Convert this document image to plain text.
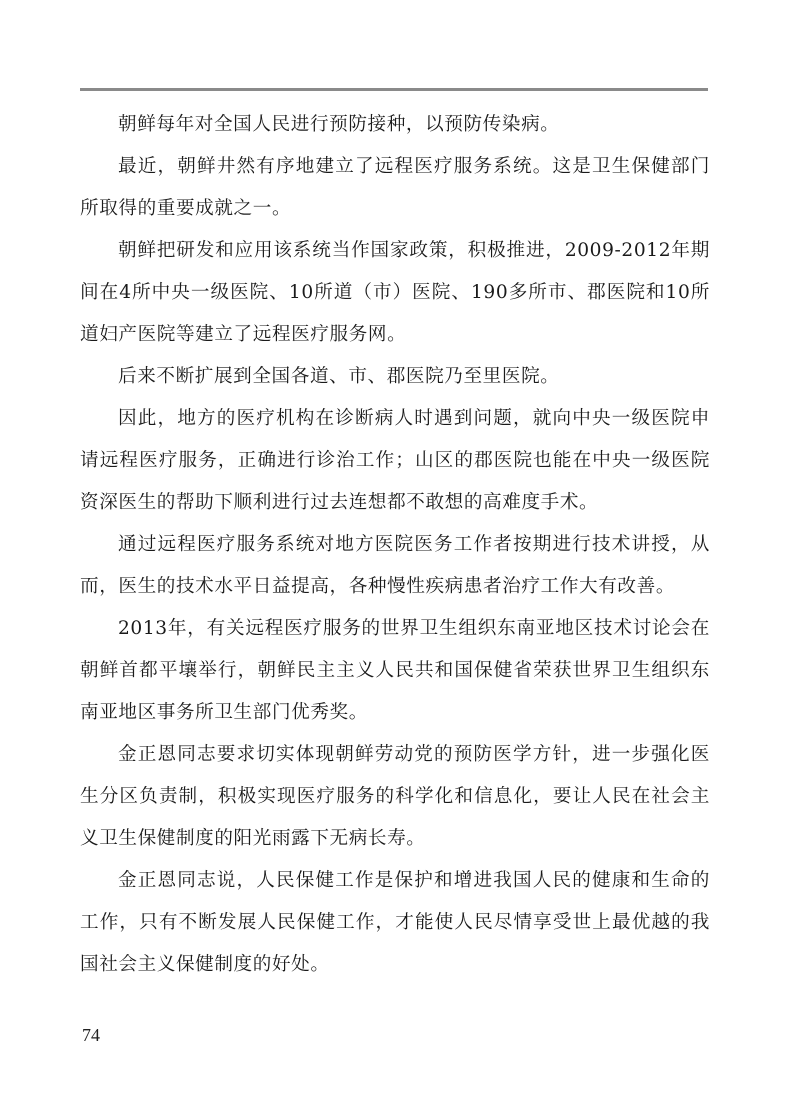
朝鲜每年对全国人民进行预防接种，以预防传染病。

最近，朝鲜井然有序地建立了远程医疗服务系统。这是卫生保健部门所取得的重要成就之一。

朝鲜把研发和应用该系统当作国家政策，积极推进，2009-2012年期间在4所中央一级医院、10所道（市）医院、190多所市、郡医院和10所道妇产医院等建立了远程医疗服务网。

后来不断扩展到全国各道、市、郡医院乃至里医院。

因此，地方的医疗机构在诊断病人时遇到问题，就向中央一级医院申请远程医疗服务，正确进行诊治工作；山区的郡医院也能在中央一级医院资深医生的帮助下顺利进行过去连想都不敢想的高难度手术。

通过远程医疗服务系统对地方医院医务工作者按期进行技术讲授，从而，医生的技术水平日益提高，各种慢性疾病患者治疗工作大有改善。

2013年，有关远程医疗服务的世界卫生组织东南亚地区技术讨论会在朝鲜首都平壤举行，朝鲜民主主义人民共和国保健省荣获世界卫生组织东南亚地区事务所卫生部门优秀奖。

金正恩同志要求切实体现朝鲜劳动党的预防医学方针，进一步强化医生分区负责制，积极实现医疗服务的科学化和信息化，要让人民在社会主义卫生保健制度的阳光雨露下无病长寿。

金正恩同志说，人民保健工作是保护和增进我国人民的健康和生命的工作，只有不断发展人民保健工作，才能使人民尽情享受世上最优越的我国社会主义保健制度的好处。

74
